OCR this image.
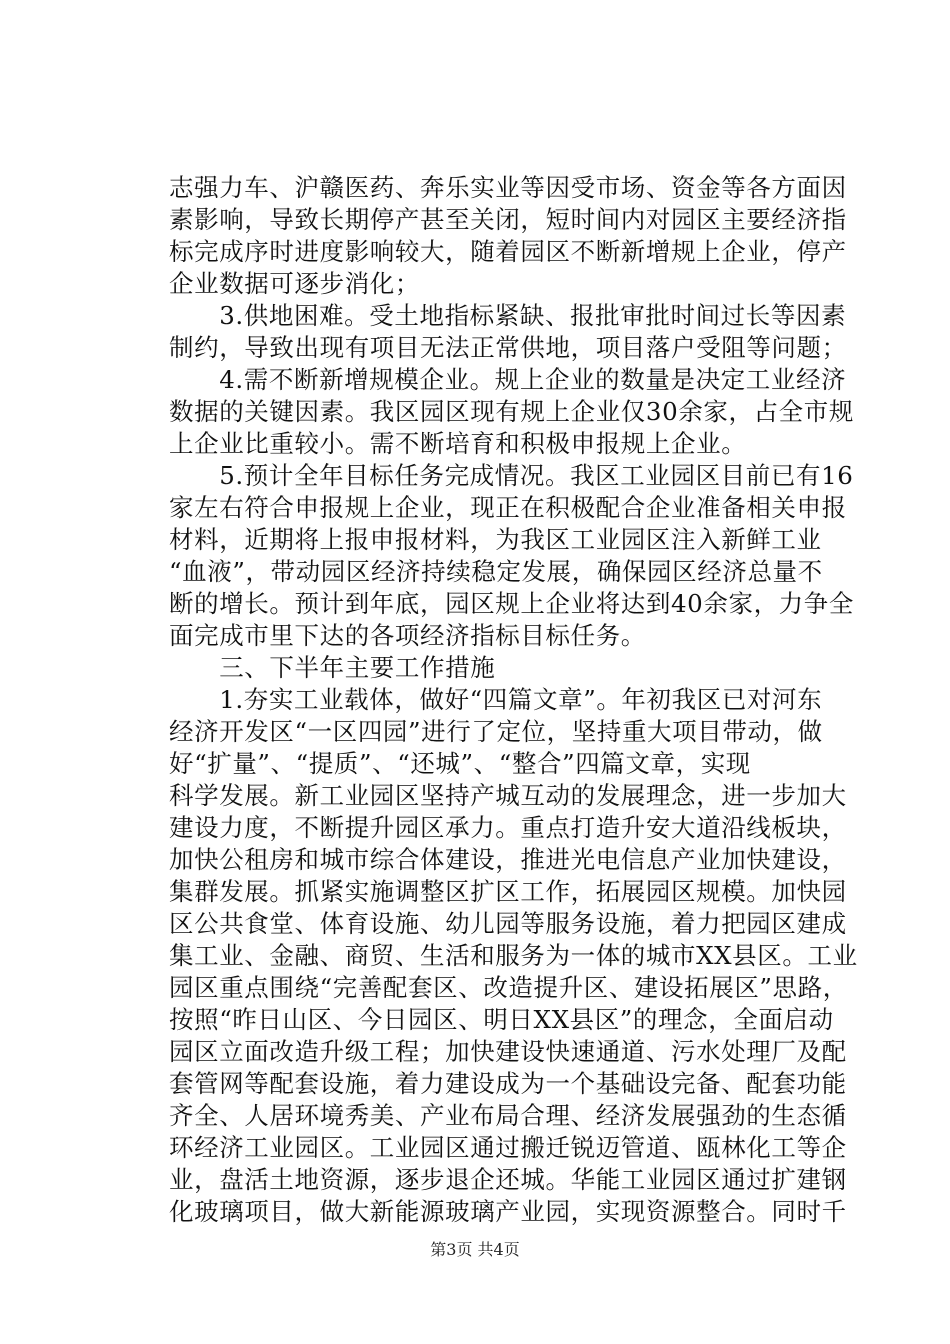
志强力车、沪赣医药、奔乐实业等因受市场、资金等各方面因
素影响，导致长期停产甚至关闭，短时间内对园区主要经济指
标完成序时进度影响较大，随着园区不断新增规上企业，停产
企业数据可逐步消化；
　　3.供地困难。受土地指标紧缺、报批审批时间过长等因素
制约，导致出现有项目无法正常供地，项目落户受阻等问题；
　　4.需不断新增规模企业。规上企业的数量是决定工业经济
数据的关键因素。我区园区现有规上企业仅30余家，占全市规
上企业比重较小。需不断培育和积极申报规上企业。
　　5.预计全年目标任务完成情况。我区工业园区目前已有16
家左右符合申报规上企业，现正在积极配合企业准备相关申报
材料，近期将上报申报材料，为我区工业园区注入新鲜工业
“血液”，带动园区经济持续稳定发展，确保园区经济总量不
断的增长。预计到年底，园区规上企业将达到40余家，力争全
面完成市里下达的各项经济指标目标任务。
　　三、下半年主要工作措施
　　1.夯实工业载体，做好“四篇文章”。年初我区已对河东
经济开发区“一区四园”进行了定位，坚持重大项目带动，做
好“扩量”、“提质”、“还城”、“整合”四篇文章，实现
科学发展。新工业园区坚持产城互动的发展理念，进一步加大
建设力度，不断提升园区承力。重点打造升安大道沿线板块，
加快公租房和城市综合体建设，推进光电信息产业加快建设，
集群发展。抓紧实施调整区扩区工作，拓展园区规模。加快园
区公共食堂、体育设施、幼儿园等服务设施，着力把园区建成
集工业、金融、商贸、生活和服务为一体的城市XX县区。工业
园区重点围绕“完善配套区、改造提升区、建设拓展区”思路，
按照“昨日山区、今日园区、明日XX县区”的理念，全面启动
园区立面改造升级工程；加快建设快速通道、污水处理厂及配
套管网等配套设施，着力建设成为一个基础设完备、配套功能
齐全、人居环境秀美、产业布局合理、经济发展强劲的生态循
环经济工业园区。工业园区通过搬迁锐迈管道、瓯林化工等企
业，盘活土地资源，逐步退企还城。华能工业园区通过扩建钢
化玻璃项目，做大新能源玻璃产业园，实现资源整合。同时千
第3页 共4页
